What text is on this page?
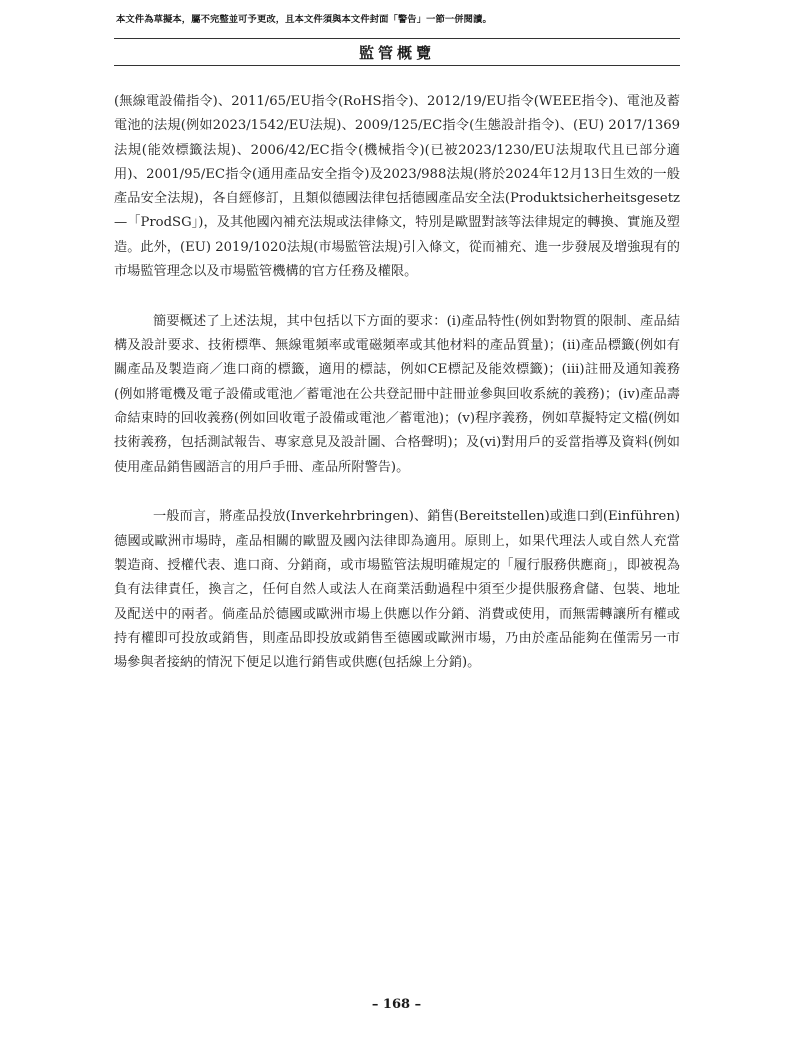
本文件為草擬本，屬不完整並可予更改，且本文件須與本文件封面「警告」一節一併閱讀。
監管概覽

(無線電設備指令)、2011/65/EU指令(RoHS指令)、2012/19/EU指令(WEEE指令)、電池及蓄電池的法規(例如2023/1542/EU法規)、2009/125/EC指令(生態設計指令)、(EU) 2017/1369法規(能效標籤法規)、2006/42/EC指令(機械指令)(已被2023/1230/EU法規取代且已部分適用)、2001/95/EC指令(通用產品安全指令)及2023/988法規(將於2024年12月13日生效的一般產品安全法規)，各自經修訂，且類似德國法律包括德國產品安全法(Produktsicherheitsgesetz —「ProdSG」)，及其他國內補充法規或法律條文，特別是歐盟對該等法律規定的轉換、實施及塑造。此外，(EU) 2019/1020法規(市場監管法規)引入條文，從而補充、進一步發展及增強現有的市場監管理念以及市場監管機構的官方任務及權限。

簡要概述了上述法規，其中包括以下方面的要求：(i)產品特性(例如對物質的限制、產品結構及設計要求、技術標準、無線電頻率或電磁頻率或其他材料的產品質量)；(ii)產品標籤(例如有關產品及製造商／進口商的標籤，適用的標誌，例如CE標記及能效標籤)；(iii)註冊及通知義務(例如將電機及電子設備或電池／蓄電池在公共登記冊中註冊並參與回收系統的義務)；(iv)產品壽命結束時的回收義務(例如回收電子設備或電池／蓄電池)；(v)程序義務，例如草擬特定文檔(例如技術義務，包括測試報告、專家意見及設計圖、合格聲明)；及(vi)對用戶的妥當指導及資料(例如使用產品銷售國語言的用戶手冊、產品所附警告)。

一般而言，將產品投放(Inverkehrbringen)、銷售(Bereitstellen)或進口到(Einführen)德國或歐洲市場時，產品相關的歐盟及國內法律即為適用。原則上，如果代理法人或自然人充當製造商、授權代表、進口商、分銷商，或市場監管法規明確規定的「履行服務供應商」，即被視為負有法律責任，換言之，任何自然人或法人在商業活動過程中須至少提供服務倉儲、包裝、地址及配送中的兩者。倘產品於德國或歐洲市場上供應以作分銷、消費或使用，而無需轉讓所有權或持有權即可投放或銷售，則產品即投放或銷售至德國或歐洲市場，乃由於產品能夠在僅需另一市場參與者接納的情況下便足以進行銷售或供應(包括線上分銷)。

– 168 –
